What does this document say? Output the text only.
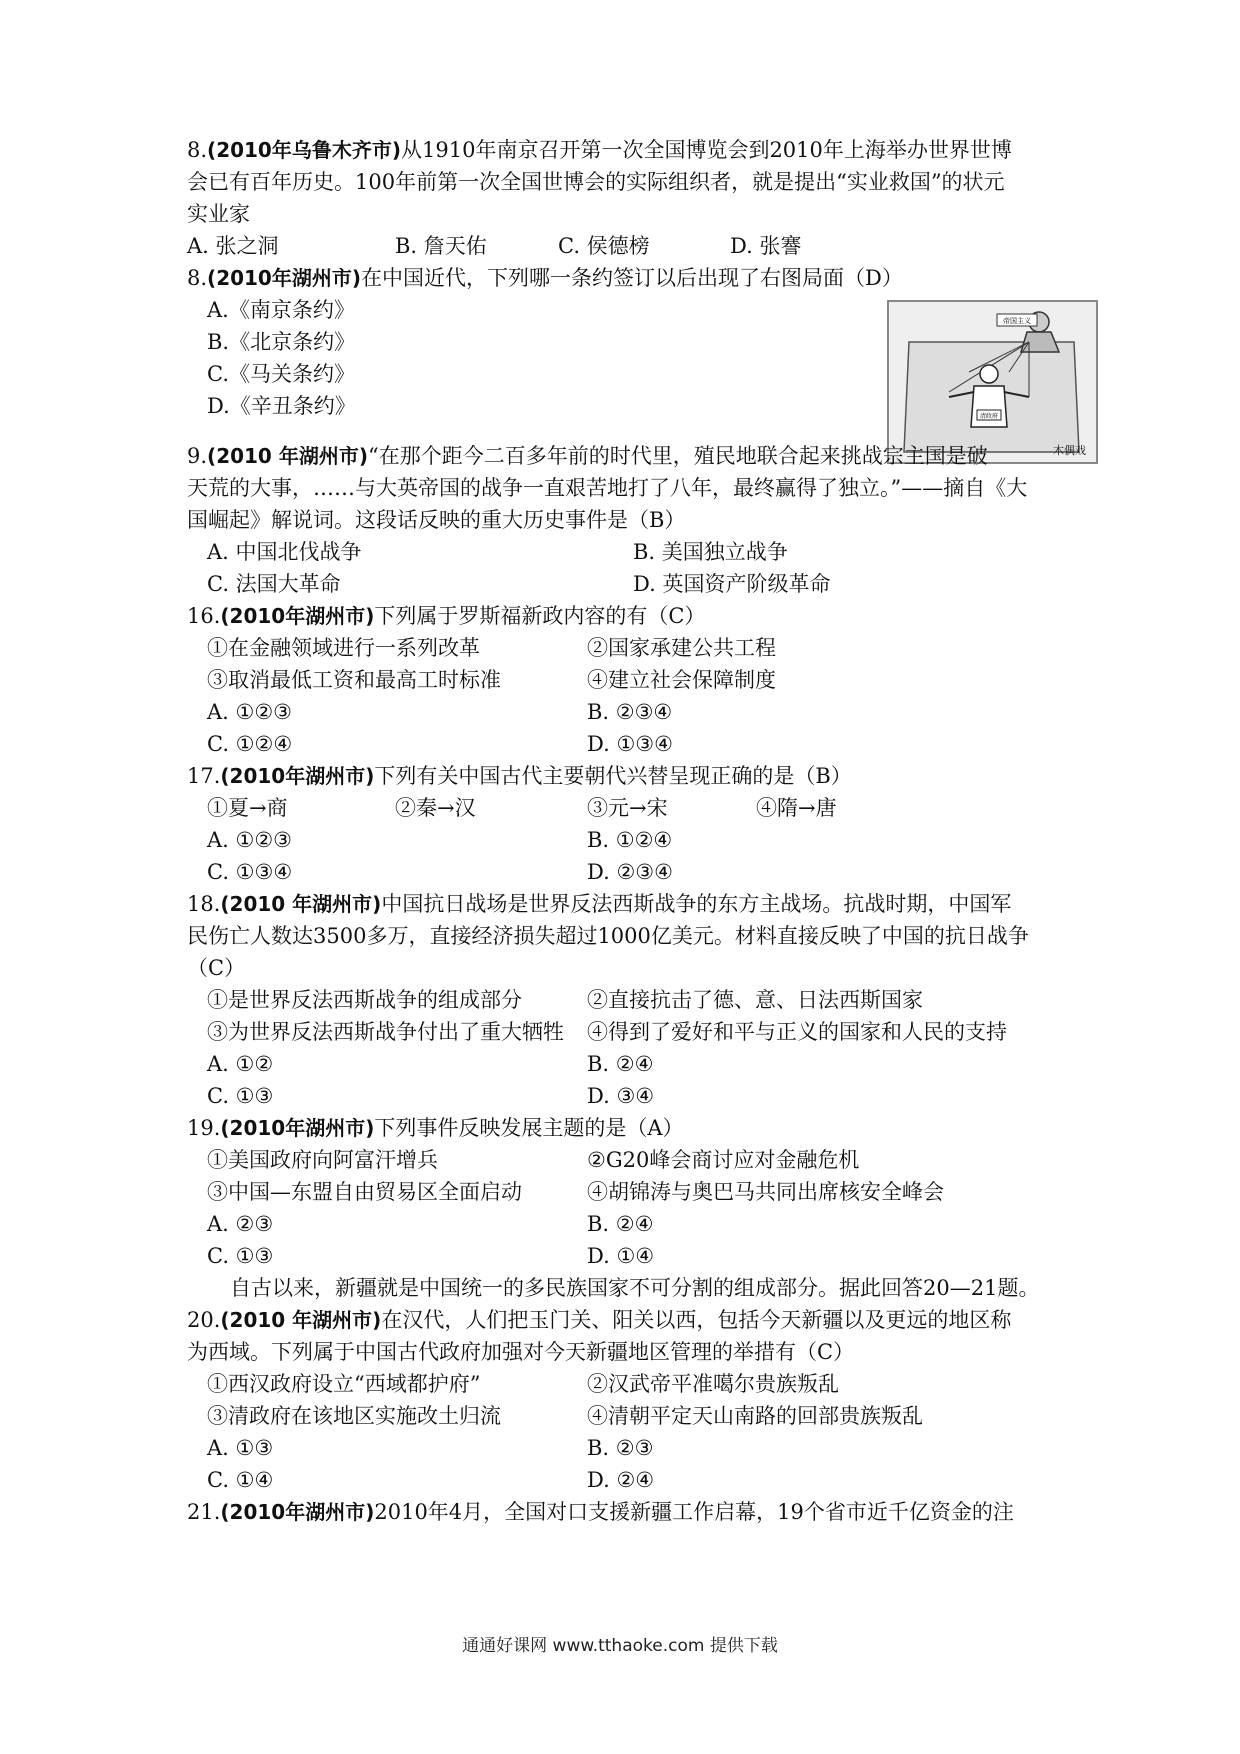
8.(2010年乌鲁木齐市)从1910年南京召开第一次全国博览会到2010年上海举办世界世博
会已有百年历史。100年前第一次全国世博会的实际组织者，就是提出“实业救国”的状元
实业家
A. 张之洞	B. 詹天佑	C. 侯德榜	D. 张謇
8.(2010年湖州市)在中国近代，下列哪一条约签订以后出现了右图局面（D）
A.《南京条约》
B.《北京条约》
C.《马关条约》
D.《辛丑条约》
帝国主义
清政府
木偶戏
9.(2010 年湖州市)“在那个距今二百多年前的时代里，殖民地联合起来挑战宗主国是破
天荒的大事，……与大英帝国的战争一直艰苦地打了八年，最终赢得了独立。”——摘自《大
国崛起》解说词。这段话反映的重大历史事件是（B）
A. 中国北伐战争	B. 美国独立战争
C. 法国大革命	D. 英国资产阶级革命
16.(2010年湖州市)下列属于罗斯福新政内容的有（C）
①在金融领域进行一系列改革	②国家承建公共工程
③取消最低工资和最高工时标准	④建立社会保障制度
A. ①②③	B. ②③④
C. ①②④	D. ①③④
17.(2010年湖州市)下列有关中国古代主要朝代兴替呈现正确的是（B）
①夏→商	②秦→汉	③元→宋	④隋→唐
A. ①②③	B. ①②④
C. ①③④	D. ②③④
18.(2010 年湖州市)中国抗日战场是世界反法西斯战争的东方主战场。抗战时期，中国军
民伤亡人数达3500多万，直接经济损失超过1000亿美元。材料直接反映了中国的抗日战争
（C）
①是世界反法西斯战争的组成部分	②直接抗击了德、意、日法西斯国家
③为世界反法西斯战争付出了重大牺牲 ④得到了爱好和平与正义的国家和人民的支持
A. ①②	B. ②④
C. ①③	D. ③④
19.(2010年湖州市)下列事件反映发展主题的是（A）
①美国政府向阿富汗增兵	②G20峰会商讨应对金融危机
③中国—东盟自由贸易区全面启动	④胡锦涛与奥巴马共同出席核安全峰会
A. ②③	B. ②④
C. ①③	D. ①④
自古以来，新疆就是中国统一的多民族国家不可分割的组成部分。据此回答20—21题。
20.(2010 年湖州市)在汉代，人们把玉门关、阳关以西，包括今天新疆以及更远的地区称
为西域。下列属于中国古代政府加强对今天新疆地区管理的举措有（C）
①西汉政府设立“西域都护府”	②汉武帝平准噶尔贵族叛乱
③清政府在该地区实施改土归流	④清朝平定天山南路的回部贵族叛乱
A. ①③	B. ②③
C. ①④	D. ②④
21.(2010年湖州市)2010年4月，全国对口支援新疆工作启幕，19个省市近千亿资金的注
通通好课网 www.tthaoke.com 提供下载
